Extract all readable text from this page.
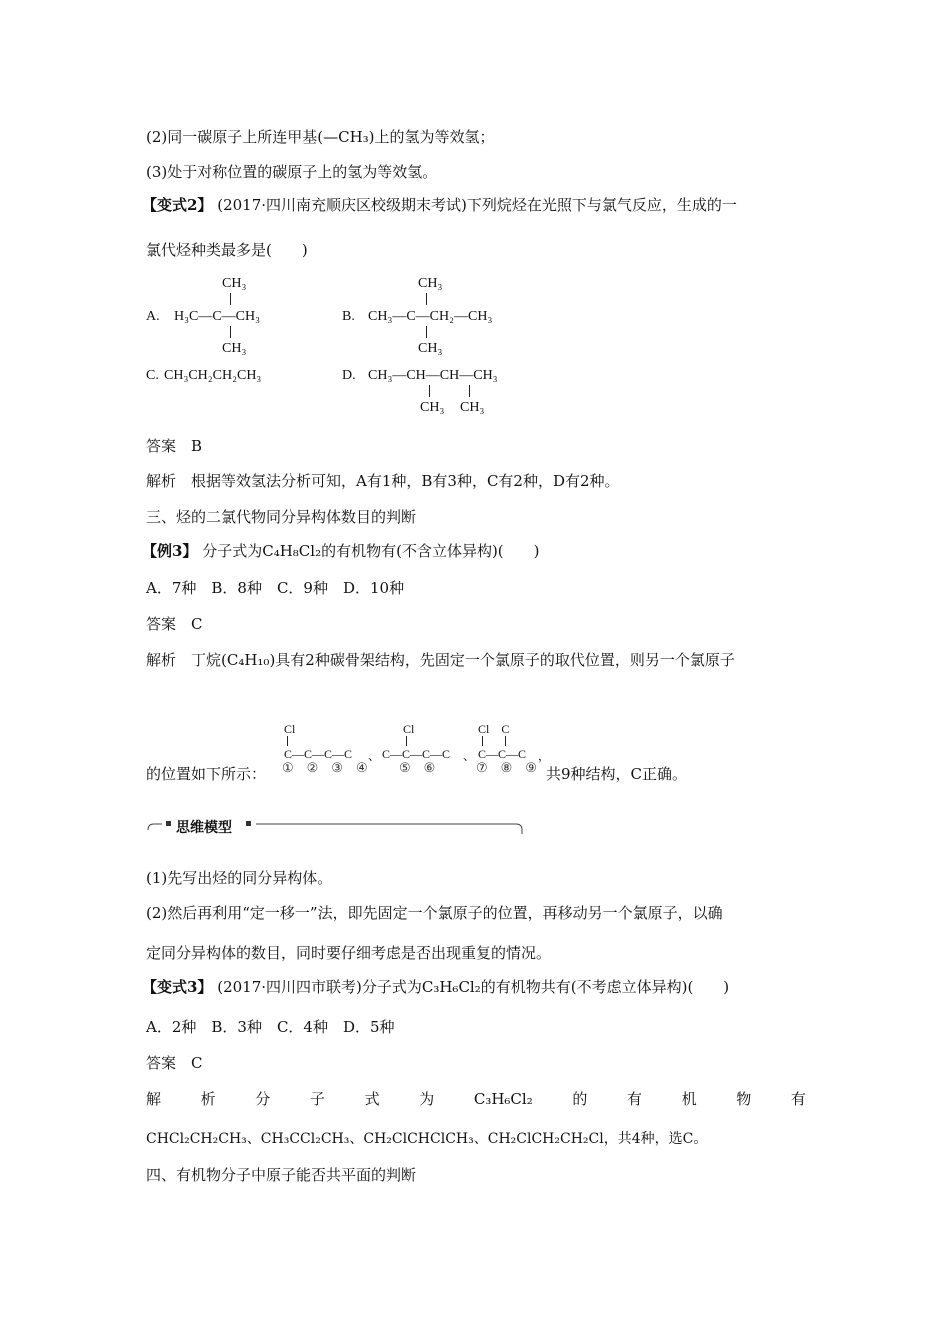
(2)同一碳原子上所连甲基(—CH₃)上的氢为等效氢；
(3)处于对称位置的碳原子上的氢为等效氢。
【变式2】 (2017·四川南充顺庆区校级期末考试)下列烷烃在光照下与氯气反应，生成的一
氯代烃种类最多是(　　)
A.
CH₃
H₃C—C—CH₃
CH₃
B.
CH₃
CH₃—C—CH₂—CH₃
CH₃
C. CH₃CH₂CH₂CH₃	D. CH₃—CH—CH—CH₃
CH₃ CH₃
答案　B
解析　根据等效氢法分析可知，A有1种，B有3种，C有2种，D有2种。
三、烃的二氯代物同分异构体数目的判断
【例3】 分子式为C₄H₈Cl₂的有机物有(不含立体异构)(　　)
A．7种　B．8种　C．9种　D．10种
答案　C
解析　丁烷(C₄H₁₀)具有2种碳骨架结构，先固定一个氯原子的取代位置，则另一个氯原子
的位置如下所示：
Cl
C—C—C—C
①　②　③　④
、
Cl
C—C—C—C
⑤　⑥
、
Cl　C
C—C—C
⑦　⑧　⑨
，
共9种结构，C正确。
思维模型
(1)先写出烃的同分异构体。
(2)然后再利用“定一移一”法，即先固定一个氯原子的位置，再移动另一个氯原子，以确
定同分异构体的数目，同时要仔细考虑是否出现重复的情况。
【变式3】 (2017·四川四市联考)分子式为C₃H₆Cl₂的有机物共有(不考虑立体异构)(　　)
A．2种　B．3种　C．4种　D．5种
答案　C
解	析	分	子	式	为	C₃H₆Cl₂	的	有	机	物	有
CHCl₂CH₂CH₃、CH₃CCl₂CH₃、CH₂ClCHClCH₃、CH₂ClCH₂CH₂Cl，共4种，选C。
四、有机物分子中原子能否共平面的判断
